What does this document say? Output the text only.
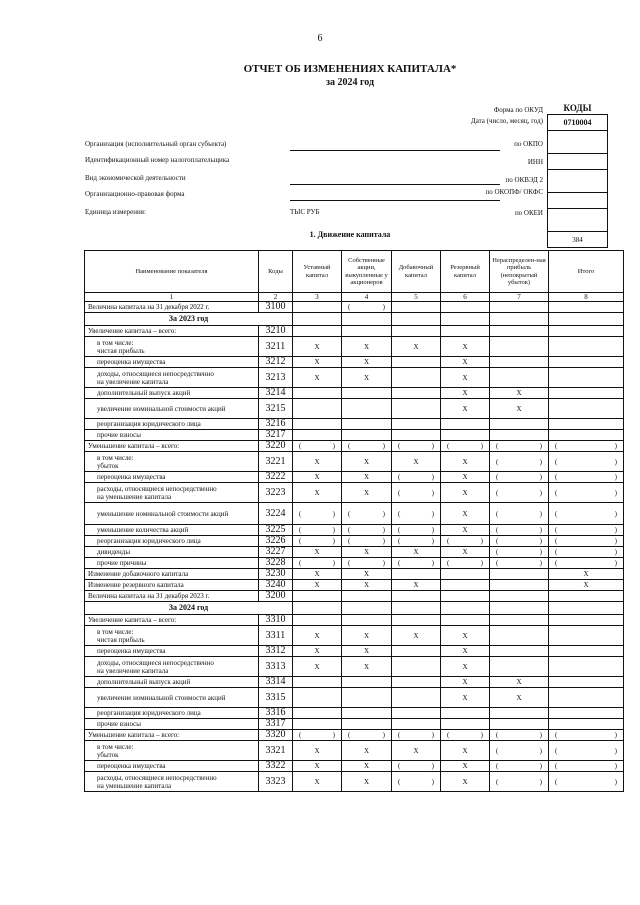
6
ОТЧЕТ ОБ ИЗМЕНЕНИЯХ КАПИТАЛА*
за 2024 год
КОДЫ
0710004

384
Форма по ОКУД
Дата (число, месяц, год)
по ОКПО
ИНН
по ОКВЭД 2
по ОКОПФ/ ОКФС
по ОКЕИ
Организация (исполнительный орган субъекта)
Идентификационный номер налогоплательщика
Вид экономической деятельности
Организационно-правовая форма
Единица измерения:	ТЫС РУБ
1. Движение капитала
Наименование показателя	Коды	Уставный капитал	Собственные акции, выкупленные у акционеров	Добавочный капитал	Резервный капитал	Нераспределен-ная прибыль (непокрытый убыток)	Итого
1	2	3	4	5	6	7	8
Величина капитала на 31 декабря 2022 г.	3100		( )				

За 2023 год							
Увеличение капитала – всего:	3210						
в том числе:
чистая прибыль	3211	X	X	X	X		
переоценка имущества	3212	X	X		X		
доходы, относящиеся непосредственно
на увеличение капитала	3213	X	X		X		
дополнительный выпуск акций	3214				X	X	
увеличение номинальной стоимости акций	3215				X	X	
реорганизация юридического лица	3216						
прочие взносы	3217						
Уменьшение капитала – всего:	3220	( )	( )	( )	( )	( )	( )

в том числе:
убыток	3221	X	X	X	X	( )	( )

переоценка имущества	3222	X	X	( )	X	( )	( )

расходы, относящиеся непосредственно
на уменьшение капитала	3223	X	X	( )	X	( )	( )

уменьшение номинальной стоимости акций	3224	( )	( )	( )	X	( )	( )

уменьшение количества акций	3225	( )	( )	( )	X	( )	( )

реорганизация юридического лица	3226	( )	( )	( )	( )	( )	( )

дивиденды	3227	X	X	X	X	( )	( )

прочие причины	3228	( )	( )	( )	( )	( )	( )

Изменение добавочного капитала	3230	X	X				X
Изменение резервного капитала	3240	X	X	X			X
Величина капитала на 31 декабря 2023 г.	3200						
За 2024 год							
Увеличение капитала – всего:	3310						
в том числе:
чистая прибыль	3311	X	X	X	X		
переоценка имущества	3312	X	X		X		
доходы, относящиеся непосредственно
на увеличение капитала	3313	X	X		X		
дополнительный выпуск акций	3314				X	X	
увеличение номинальной стоимости акций	3315				X	X	
реорганизация юридического лица	3316						
прочие взносы	3317						
Уменьшение капитала – всего:	3320	( )	( )	( )	( )	( )	( )

в том числе:
убыток	3321	X	X	X	X	( )	( )

переоценка имущества	3322	X	X	( )	X	( )	( )

расходы, относящиеся непосредственно
на уменьшение капитала	3323	X	X	( )	X	( )	( )
